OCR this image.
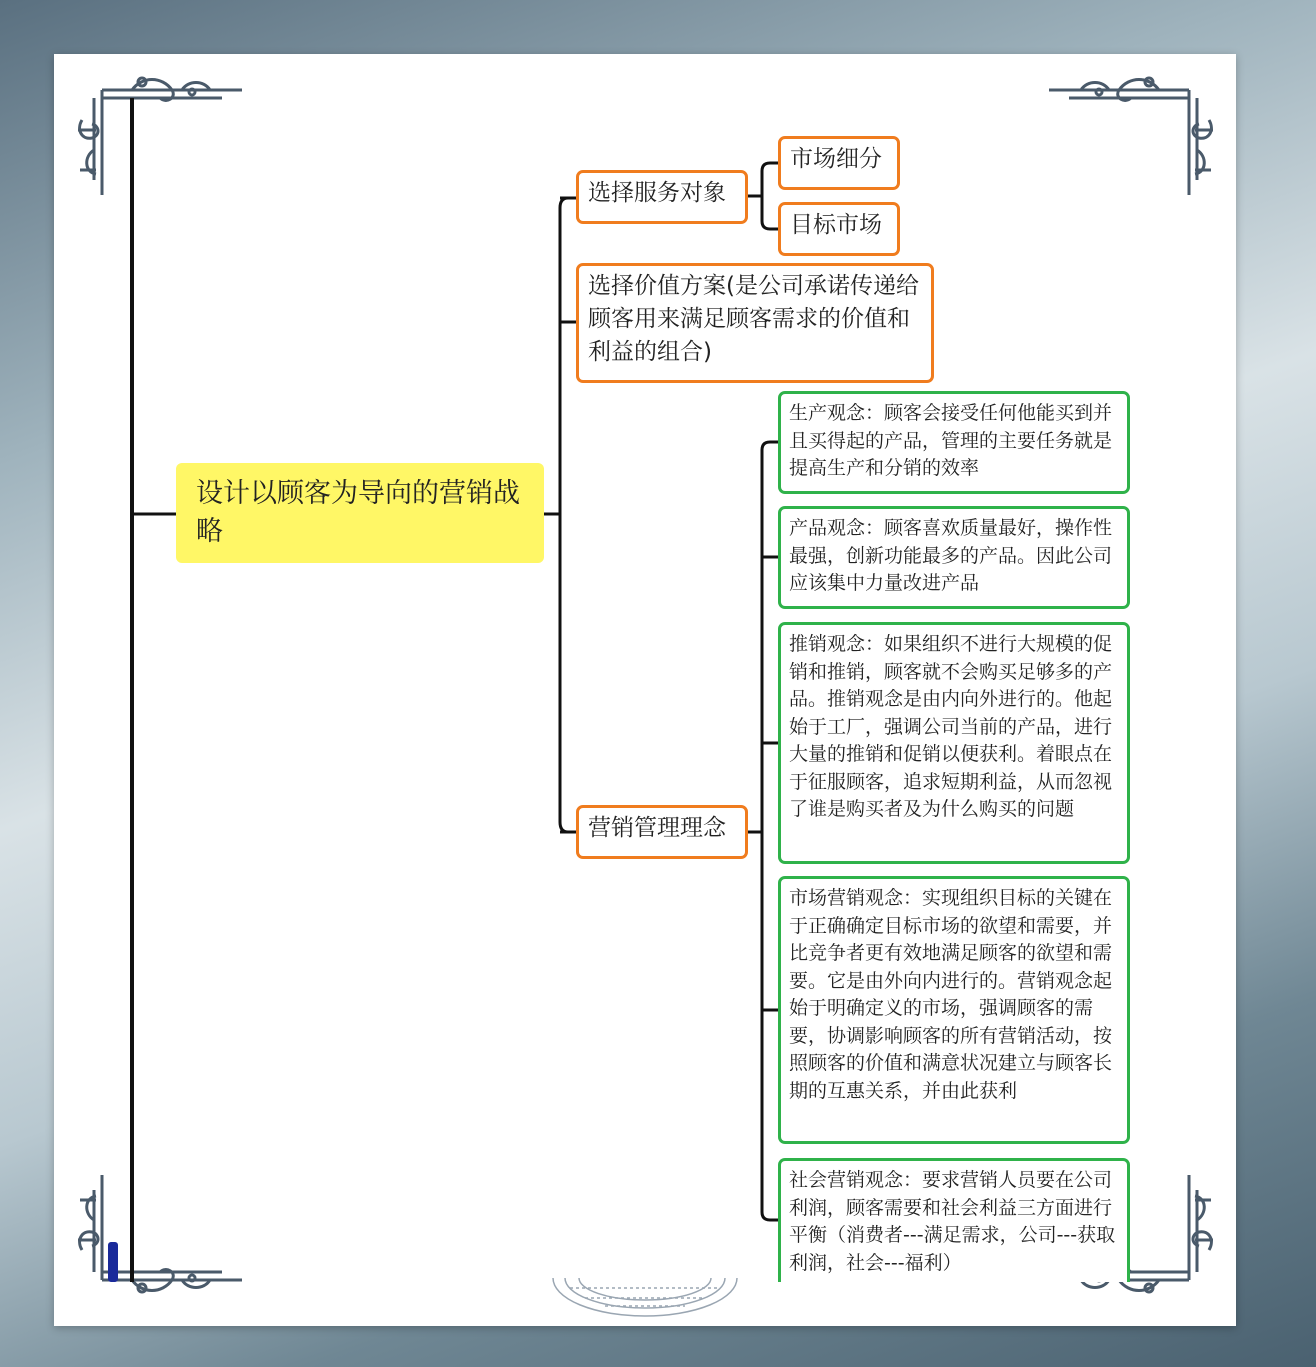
设计以顾客为导向的营销战略
选择服务对象
市场细分
目标市场
选择价值方案(是公司承诺传递给顾客用来满足顾客需求的价值和利益的组合)
营销管理理念
生产观念：顾客会接受任何他能买到并且买得起的产品，管理的主要任务就是提高生产和分销的效率
产品观念：顾客喜欢质量最好，操作性最强，创新功能最多的产品。因此公司应该集中力量改进产品
推销观念：如果组织不进行大规模的促销和推销，顾客就不会购买足够多的产品。推销观念是由内向外进行的。他起始于工厂，强调公司当前的产品，进行大量的推销和促销以便获利。着眼点在于征服顾客，追求短期利益，从而忽视了谁是购买者及为什么购买的问题
市场营销观念：实现组织目标的关键在于正确确定目标市场的欲望和需要，并比竞争者更有效地满足顾客的欲望和需要。它是由外向内进行的。营销观念起始于明确定义的市场，强调顾客的需要，协调影响顾客的所有营销活动，按照顾客的价值和满意状况建立与顾客长期的互惠关系，并由此获利
社会营销观念：要求营销人员要在公司利润，顾客需要和社会利益三方面进行平衡（消费者---满足需求，公司---获取利润，社会---福利）
